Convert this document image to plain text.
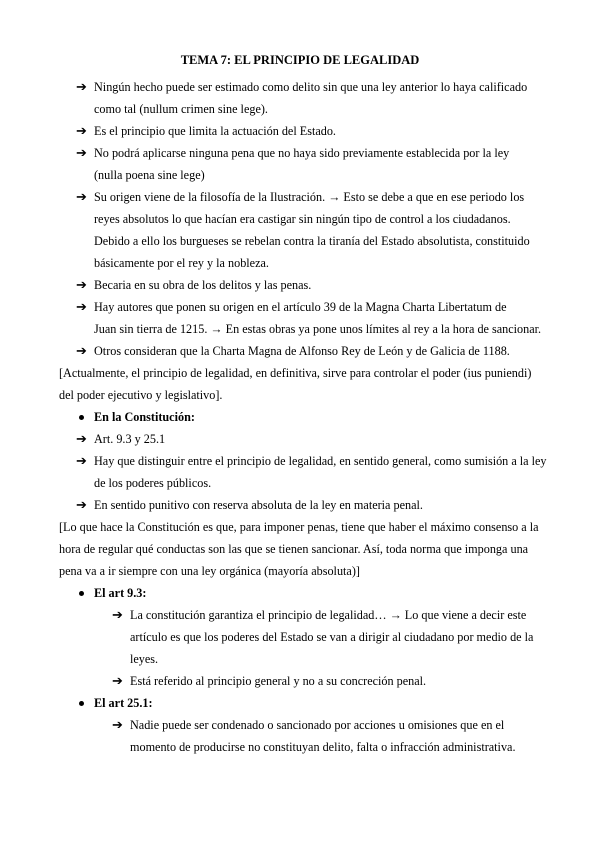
TEMA 7: EL PRINCIPIO DE LEGALIDAD
➔ Ningún hecho puede ser estimado como delito sin que una ley anterior lo haya calificado
como tal (nullum crimen sine lege).
➔ Es el principio que limita la actuación del Estado.
➔ No podrá aplicarse ninguna pena que no haya sido previamente establecida por la ley
(nulla poena sine lege)
➔ Su origen viene de la filosofía de la Ilustración. → Esto se debe a que en ese periodo los
reyes absolutos lo que hacían era castigar sin ningún tipo de control a los ciudadanos.
Debido a ello los burgueses se rebelan contra la tiranía del Estado absolutista, constituido
básicamente por el rey y la nobleza.
➔ Becaria en su obra de los delitos y las penas.
➔ Hay autores que ponen su origen en el artículo 39 de la Magna Charta Libertatum de
Juan sin tierra de 1215. → En estas obras ya pone unos límites al rey a la hora de sancionar.
➔ Otros consideran que la Charta Magna de Alfonso Rey de León y de Galicia de 1188.
[Actualmente, el principio de legalidad, en definitiva, sirve para controlar el poder (ius puniendi)
del poder ejecutivo y legislativo].
En la Constitución:
➔ Art. 9.3 y 25.1
➔ Hay que distinguir entre el principio de legalidad, en sentido general, como sumisión a la ley
de los poderes públicos.
➔ En sentido punitivo con reserva absoluta de la ley en materia penal.
[Lo que hace la Constitución es que, para imponer penas, tiene que haber el máximo consenso a la
hora de regular qué conductas son las que se tienen sancionar. Así, toda norma que imponga una
pena va a ir siempre con una ley orgánica (mayoría absoluta)]
El art 9.3:
➔ La constitución garantiza el principio de legalidad… → Lo que viene a decir este
artículo es que los poderes del Estado se van a dirigir al ciudadano por medio de la
leyes.
➔ Está referido al principio general y no a su concreción penal.
El art 25.1:
➔ Nadie puede ser condenado o sancionado por acciones u omisiones que en el
momento de producirse no constituyan delito, falta o infracción administrativa.
